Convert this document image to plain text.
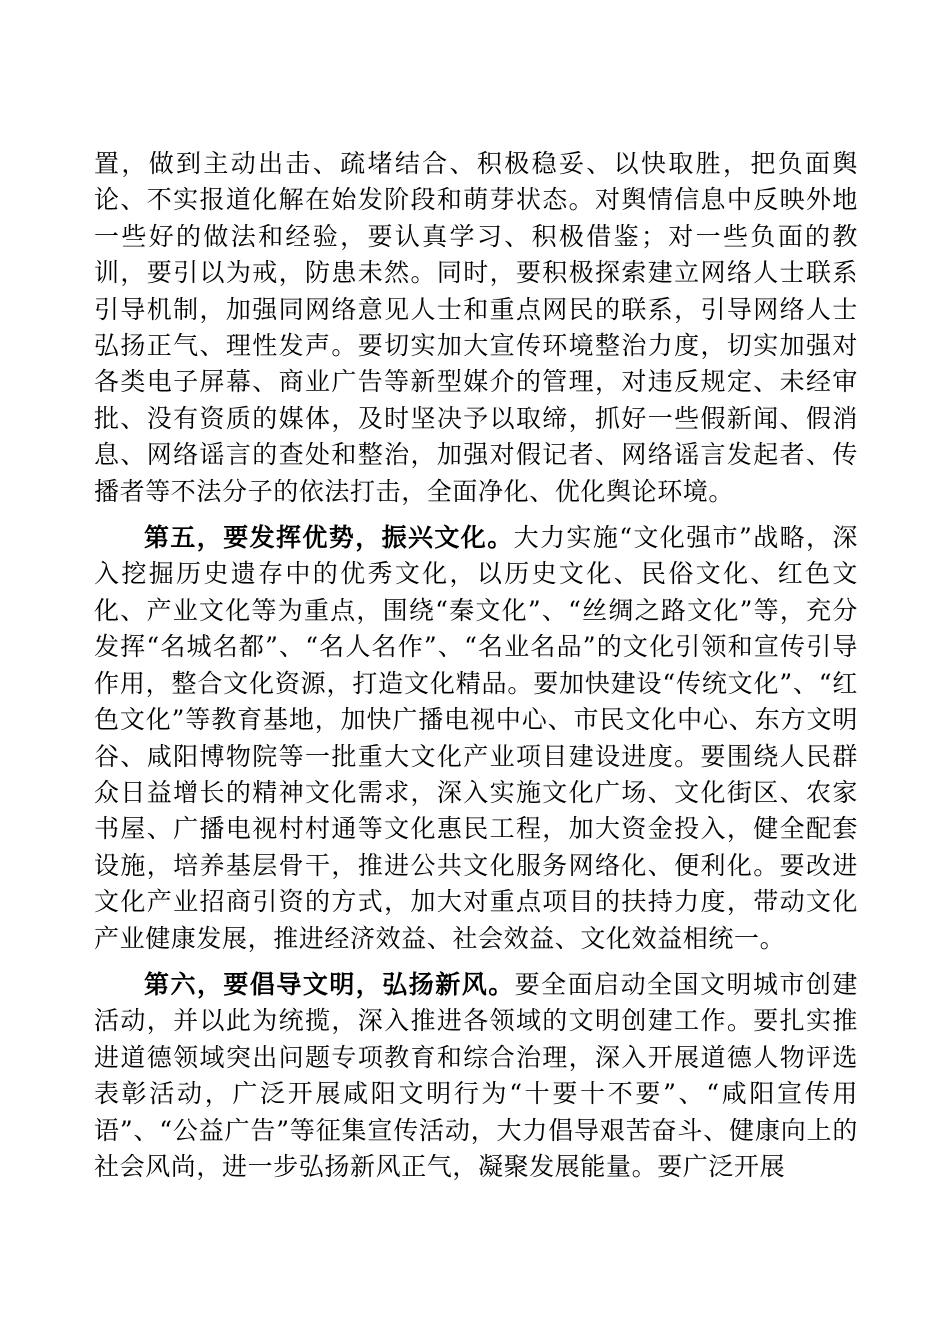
置，做到主动出击、疏堵结合、积极稳妥、以快取胜，把负面舆论、不实报道化解在始发阶段和萌芽状态。对舆情信息中反映外地一些好的做法和经验，要认真学习、积极借鉴；对一些负面的教训，要引以为戒，防患未然。同时，要积极探索建立网络人士联系引导机制，加强同网络意见人士和重点网民的联系，引导网络人士弘扬正气、理性发声。要切实加大宣传环境整治力度，切实加强对各类电子屏幕、商业广告等新型媒介的管理，对违反规定、未经审批、没有资质的媒体，及时坚决予以取缔，抓好一些假新闻、假消息、网络谣言的查处和整治，加强对假记者、网络谣言发起者、传播者等不法分子的依法打击，全面净化、优化舆论环境。

第五，要发挥优势，振兴文化。大力实施“文化强市”战略，深入挖掘历史遗存中的优秀文化，以历史文化、民俗文化、红色文化、产业文化等为重点，围绕“秦文化”、“丝绸之路文化”等，充分发挥“名城名都”、“名人名作”、“名业名品”的文化引领和宣传引导作用，整合文化资源，打造文化精品。要加快建设“传统文化”、“红色文化”等教育基地，加快广播电视中心、市民文化中心、东方文明谷、咸阳博物院等一批重大文化产业项目建设进度。要围绕人民群众日益增长的精神文化需求，深入实施文化广场、文化街区、农家书屋、广播电视村村通等文化惠民工程，加大资金投入，健全配套设施，培养基层骨干，推进公共文化服务网络化、便利化。要改进文化产业招商引资的方式，加大对重点项目的扶持力度，带动文化产业健康发展，推进经济效益、社会效益、文化效益相统一。

第六，要倡导文明，弘扬新风。要全面启动全国文明城市创建活动，并以此为统揽，深入推进各领域的文明创建工作。要扎实推进道德领域突出问题专项教育和综合治理，深入开展道德人物评选表彰活动，广泛开展咸阳文明行为“十要十不要”、“咸阳宣传用语”、“公益广告”等征集宣传活动，大力倡导艰苦奋斗、健康向上的社会风尚，进一步弘扬新风正气，凝聚发展能量。要广泛开展
